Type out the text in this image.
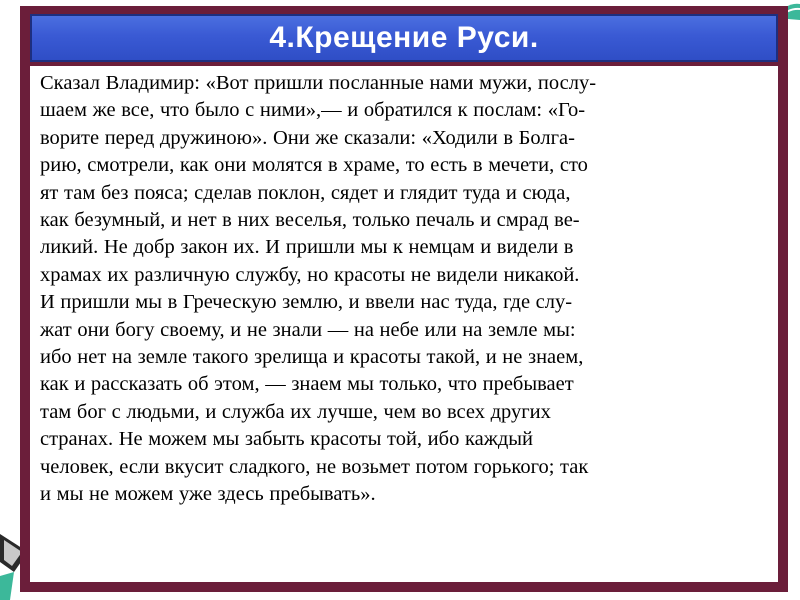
4.Крещение Руси.

Сказал Владимир: «Вот пришли посланные нами мужи, послу-

шаем же все, что было с ними»,— и обратился к послам: «Го-

ворите перед дружиною». Они же сказали: «Ходили в Болга-

рию, смотрели, как они молятся в храме, то есть в мечети, сто

ят там без пояса; сделав поклон, сядет и глядит туда и сюда,

как безумный, и нет в них веселья, только печаль и смрад ве-

ликий. Не добр закон их. И пришли мы к немцам и видели в

храмах их различную службу, но красоты не видели никакой.

И пришли мы в Греческую землю, и ввели нас туда, где слу-

жат они богу своему, и не знали — на небе или на земле мы:

ибо нет на земле такого зрелища и красоты такой, и не знаем,

как и рассказать об этом, — знаем мы только, что пребывает

там бог с людьми, и служба их лучше, чем во всех других

странах. Не можем мы забыть красоты той, ибо каждый

человек, если вкусит сладкого, не возьмет потом горького; так

и мы не можем уже здесь пребывать».
